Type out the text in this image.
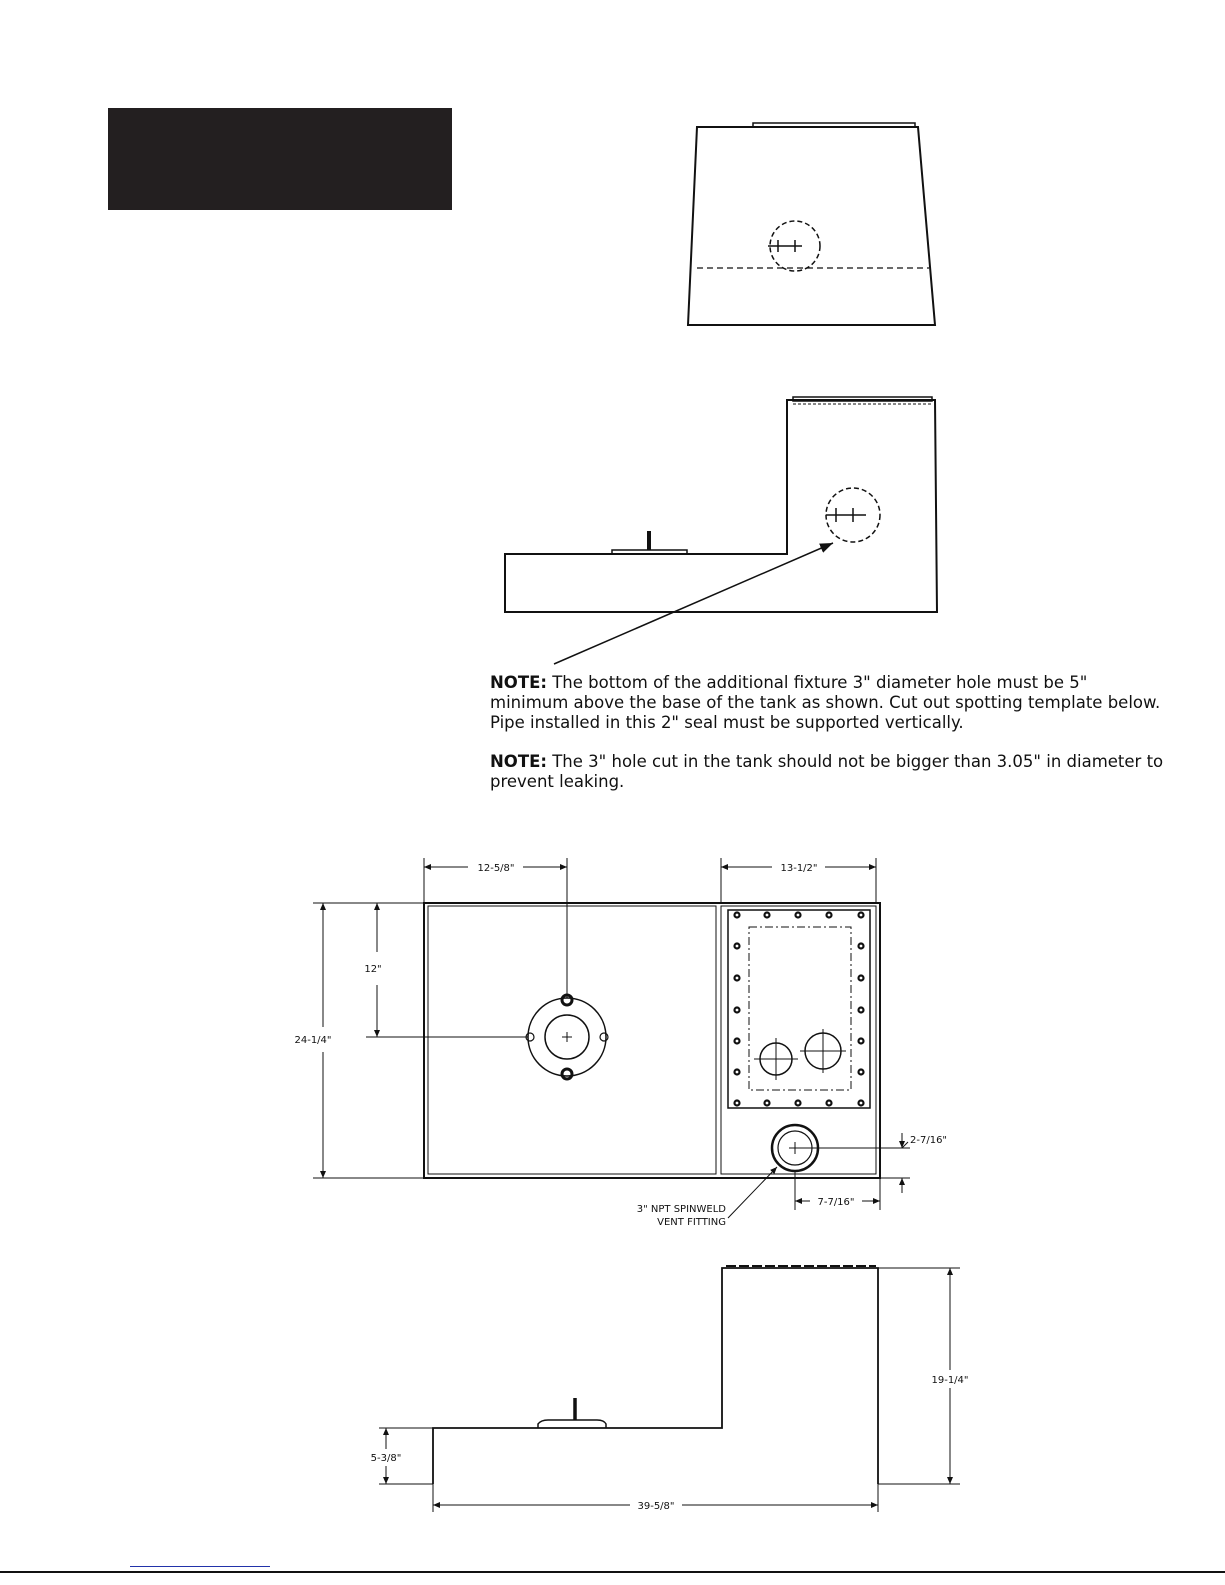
12-5/8"	13-1/2"
12"
24-1/4"
2-7/16"
7-7/16"
3" NPT SPINWELD
VENT FITTING
19-1/4"
5-3/8"
39-5/8"

NOTE: The bottom of the additional fixture 3" diameter hole must be 5" minimum above the base of the tank as shown. Cut out spotting template below. Pipe installed in this 2" seal must be supported vertically.

NOTE: The 3" hole cut in the tank should not be bigger than 3.05" in diameter to prevent leaking.
